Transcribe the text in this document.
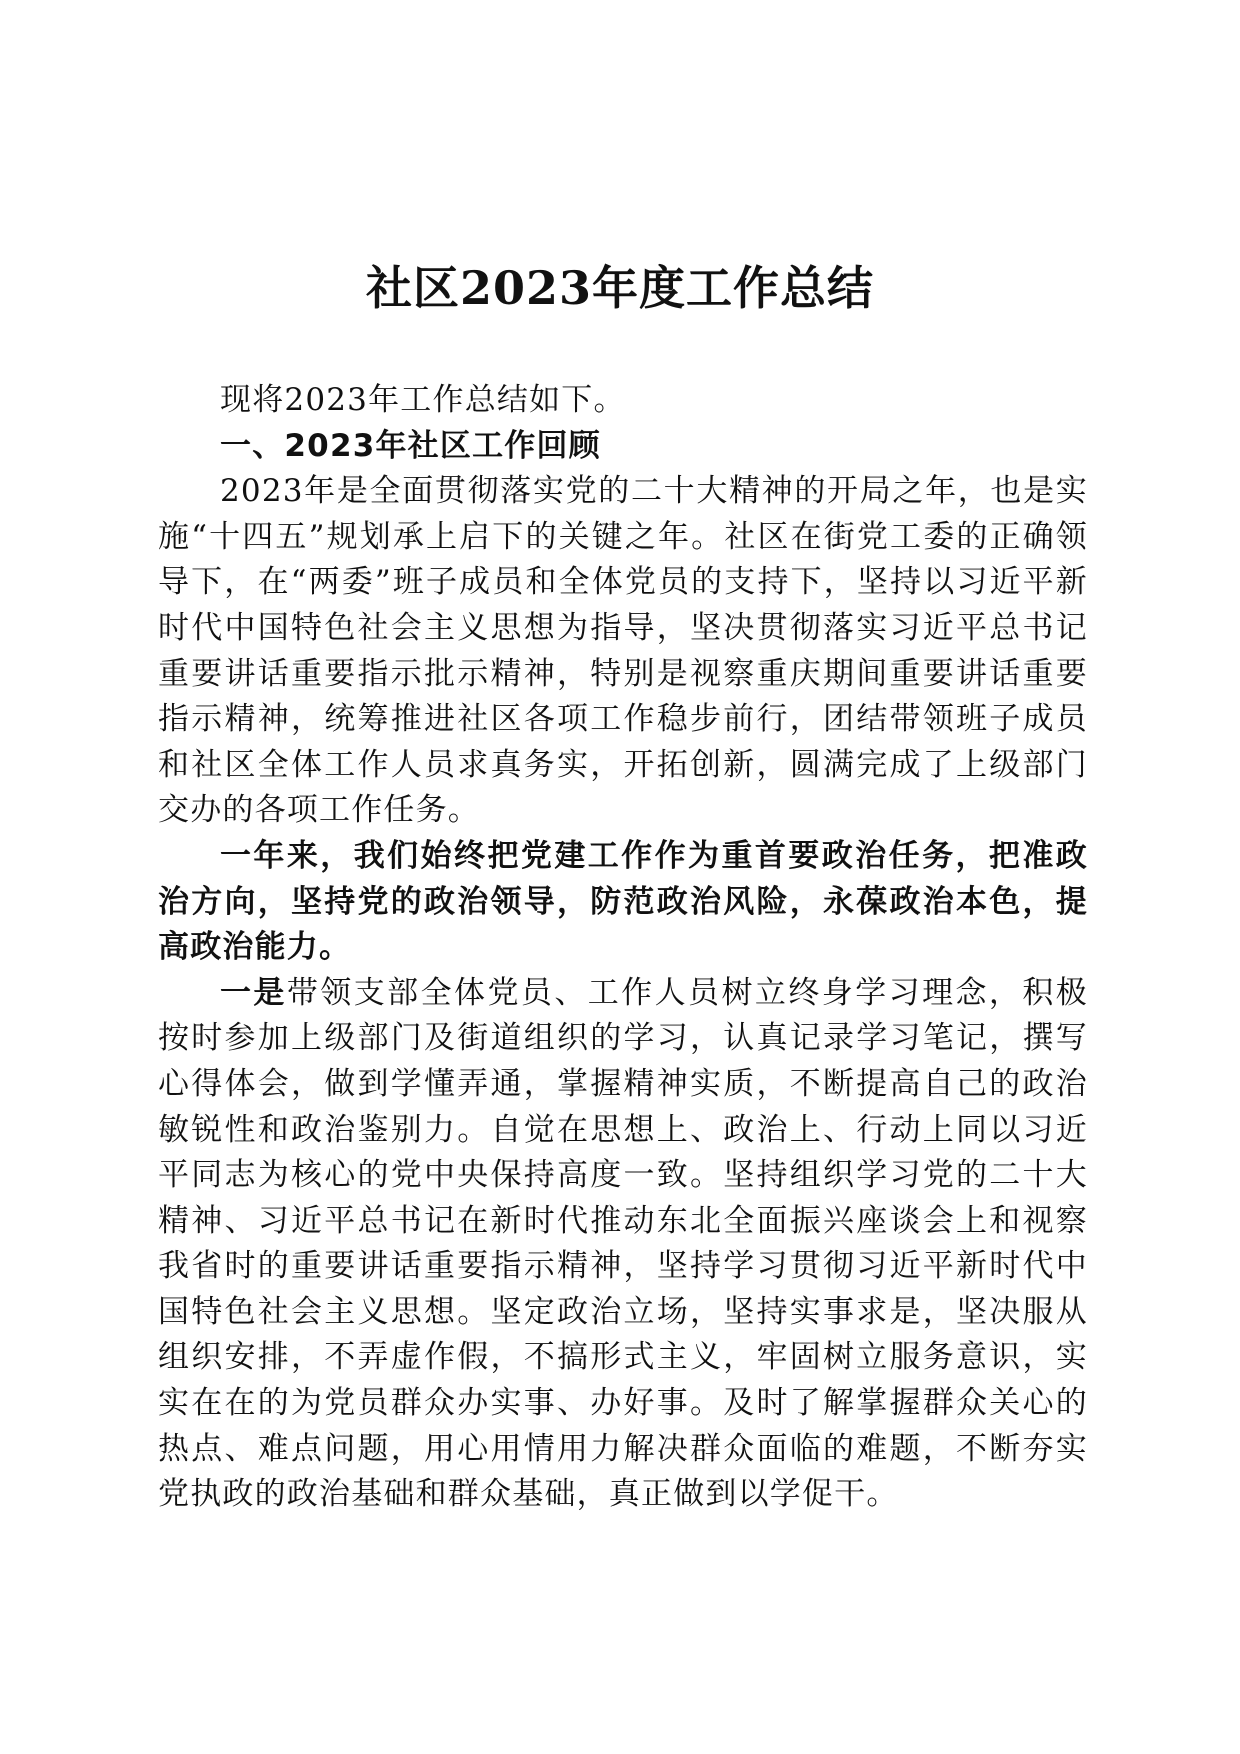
社区2023年度工作总结

现将2023年工作总结如下。

一、2023年社区工作回顾

2023年是全面贯彻落实党的二十大精神的开局之年，也是实施“十四五”规划承上启下的关键之年。社区在街党工委的正确领导下，在“两委”班子成员和全体党员的支持下，坚持以习近平新时代中国特色社会主义思想为指导，坚决贯彻落实习近平总书记重要讲话重要指示批示精神，特别是视察重庆期间重要讲话重要指示精神，统筹推进社区各项工作稳步前行，团结带领班子成员和社区全体工作人员求真务实，开拓创新，圆满完成了上级部门交办的各项工作任务。

一年来，我们始终把党建工作作为重首要政治任务，把准政治方向，坚持党的政治领导，防范政治风险，永葆政治本色，提高政治能力。

一是带领支部全体党员、工作人员树立终身学习理念，积极按时参加上级部门及街道组织的学习，认真记录学习笔记，撰写心得体会，做到学懂弄通，掌握精神实质，不断提高自己的政治敏锐性和政治鉴别力。自觉在思想上、政治上、行动上同以习近平同志为核心的党中央保持高度一致。坚持组织学习党的二十大精神、习近平总书记在新时代推动东北全面振兴座谈会上和视察我省时的重要讲话重要指示精神，坚持学习贯彻习近平新时代中国特色社会主义思想。坚定政治立场，坚持实事求是，坚决服从组织安排，不弄虚作假，不搞形式主义，牢固树立服务意识，实实在在的为党员群众办实事、办好事。及时了解掌握群众关心的热点、难点问题，用心用情用力解决群众面临的难题，不断夯实党执政的政治基础和群众基础，真正做到以学促干。
